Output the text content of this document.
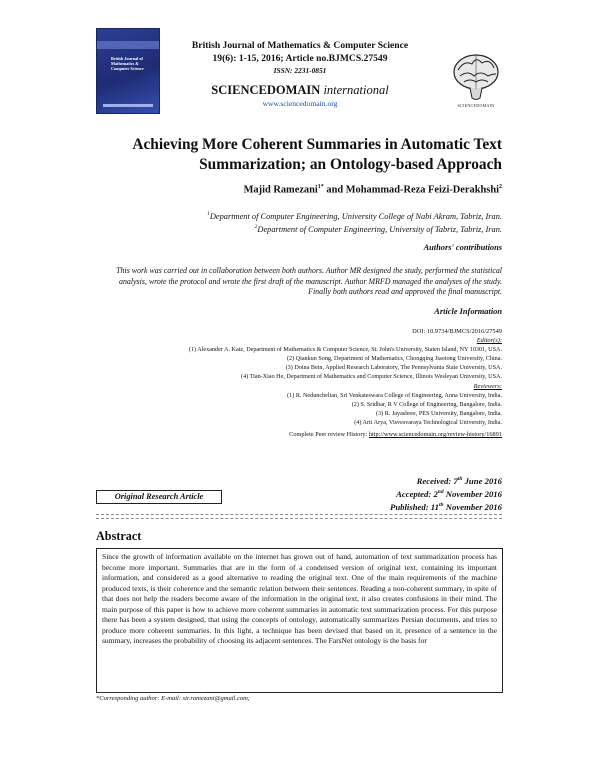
British Journal of
Mathematics &
Computer Science
British Journal of Mathematics & Computer Science
19(6): 1-15, 2016; Article no.BJMCS.27549
ISSN: 2231-0851
SCIENCEDOMAIN international
www.sciencedomain.org	SCIENCEDOMAIN
Achieving More Coherent Summaries in Automatic Text
Summarization; an Ontology-based Approach
Majid Ramezani$^{1*}$ and Mohammad-Reza Feizi-Derakhshi$^2$
$^1$Department of Computer Engineering, University College of Nabi Akram, Tabriz, Iran.
$^2$Department of Computer Engineering, University of Tabriz, Tabriz, Iran.
Authors' contributions
This work was carried out in collaboration between both authors. Author MR designed the study, performed the statistical analysis, wrote the protocol and wrote the first draft of the manuscript. Author MRFD managed the analyses of the study. Finally both authors read and approved the final manuscript.
Article Information
DOI: 10.9734/BJMCS/2016/27549
Editor(s):
(1) Alexander A. Katz, Department of Mathematics & Computer Science, St. John's University, Staten Island, NY 10301, USA.
(2) Qiankun Song, Department of Mathematics, Chongqing Jiaotong University, China.
(3) Doina Bein, Applied Research Laboratory, The Pennsylvania State University, USA.
(4) Tian-Xiao He, Department of Mathematics and Computer Science, Illinois Wesleyan University, USA.
Reviewers:
(1) R. Nedunchelian, Sri Venkateswara College of Engineering, Anna University, India.
(2) S. Sridhar, R V College of Engineering, Bangalore, India.
(3) R. Jayashree, PES University, Bangalore, India.
(4) Arti Arya, Visvesvaraya Technological University, India.
Complete Peer review History: http://www.sciencedomain.org/review-history/16891
Original Research Article
Received: 7th June 2016
Accepted: 2nd November 2016
Published: 11th November 2016
Abstract
Since the growth of information available on the internet has grown out of hand, automation of text summarization process has become more important. Summaries that are in the form of a condensed version of original text, containing its important information, and considered as a good alternative to reading the original text. One of the main requirements of the machine produced texts, is their coherence and the semantic relation between their sentences. Reading a non-coherent summary, in spite of that does not help the readers become aware of the information in the original text, it also creates confusions in their mind. The main purpose of this paper is how to achieve more coherent summaries in automatic text summarization process. For this purpose there has been a system designed, that using the concepts of ontology, automatically summarizes Persian documents, and tries to produce more coherent summaries. In this light, a technique has been devised that based on it, presence of a sentence in the summary, increases the probability of choosing its adjacent sentences. The FarsNet ontology is the basis for
*Corresponding author: E-mail: sir.ramezani@gmail.com;
